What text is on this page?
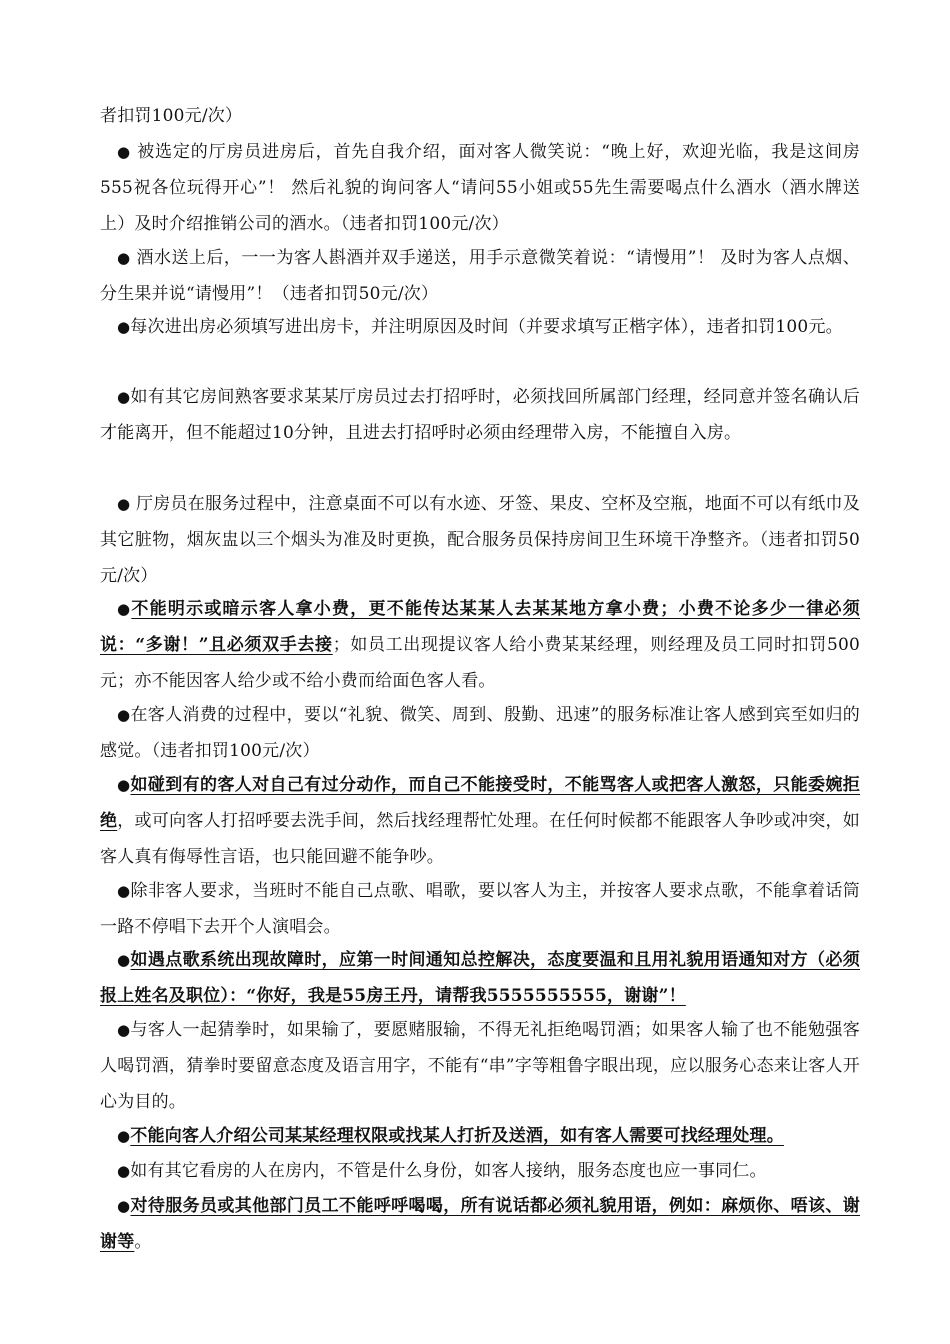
者扣罚100元/次）

● 被选定的厅房员进房后，首先自我介绍，面对客人微笑说：“晚上好，欢迎光临，我是这间房555祝各位玩得开心”！ 然后礼貌的询问客人“请问55小姐或55先生需要喝点什么酒水（酒水牌送上）及时介绍推销公司的酒水。（违者扣罚100元/次）

● 酒水送上后，一一为客人斟酒并双手递送，用手示意微笑着说：“请慢用”！ 及时为客人点烟、分生果并说“请慢用”！（违者扣罚50元/次）

●每次进出房必须填写进出房卡，并注明原因及时间（并要求填写正楷字体），违者扣罚100元。

●如有其它房间熟客要求某某厅房员过去打招呼时，必须找回所属部门经理，经同意并签名确认后才能离开，但不能超过10分钟，且进去打招呼时必须由经理带入房，不能擅自入房。

● 厅房员在服务过程中，注意桌面不可以有水迹、牙签、果皮、空杯及空瓶，地面不可以有纸巾及其它脏物，烟灰盅以三个烟头为准及时更换，配合服务员保持房间卫生环境干净整齐。（违者扣罚50元/次）

●不能明示或暗示客人拿小费，更不能传达某某人去某某地方拿小费；小费不论多少一律必须说：“多谢！”且必须双手去接；如员工出现提议客人给小费某某经理，则经理及员工同时扣罚500元；亦不能因客人给少或不给小费而给面色客人看。

●在客人消费的过程中，要以“礼貌、微笑、周到、殷勤、迅速”的服务标准让客人感到宾至如归的感觉。（违者扣罚100元/次）

●如碰到有的客人对自己有过分动作，而自己不能接受时，不能骂客人或把客人激怒，只能委婉拒绝，或可向客人打招呼要去洗手间，然后找经理帮忙处理。在任何时候都不能跟客人争吵或冲突，如客人真有侮辱性言语，也只能回避不能争吵。

●除非客人要求，当班时不能自己点歌、唱歌，要以客人为主，并按客人要求点歌，不能拿着话筒一路不停唱下去开个人演唱会。

●如遇点歌系统出现故障时，应第一时间通知总控解决，态度要温和且用礼貌用语通知对方（必须报上姓名及职位）：“你好，我是55房王丹，请帮我5555555555，谢谢”！

●与客人一起猜拳时，如果输了，要愿赌服输，不得无礼拒绝喝罚酒；如果客人输了也不能勉强客人喝罚酒，猜拳时要留意态度及语言用字，不能有“串”字等粗鲁字眼出现，应以服务心态来让客人开心为目的。

●不能向客人介绍公司某某经理权限或找某人打折及送酒，如有客人需要可找经理处理。

●如有其它看房的人在房内，不管是什么身份，如客人接纳，服务态度也应一事同仁。

●对待服务员或其他部门员工不能呼呼喝喝，所有说话都必须礼貌用语，例如：麻烦你、唔该、谢谢等。
